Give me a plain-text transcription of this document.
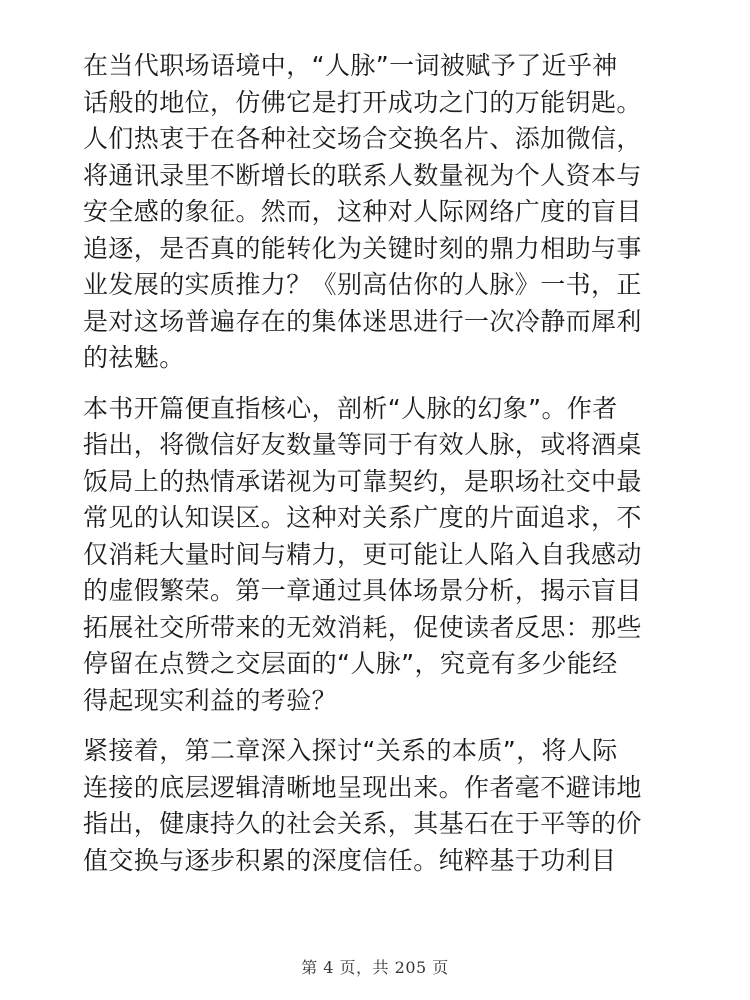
在当代职场语境中，“人脉”一词被赋予了近乎神
话般的地位，仿佛它是打开成功之门的万能钥匙。
人们热衷于在各种社交场合交换名片、添加微信，
将通讯录里不断增长的联系人数量视为个人资本与
安全感的象征。然而，这种对人际网络广度的盲目
追逐，是否真的能转化为关键时刻的鼎力相助与事
业发展的实质推力？《别高估你的人脉》一书，正
是对这场普遍存在的集体迷思进行一次冷静而犀利
的祛魅。

本书开篇便直指核心，剖析“人脉的幻象”。作者
指出，将微信好友数量等同于有效人脉，或将酒桌
饭局上的热情承诺视为可靠契约，是职场社交中最
常见的认知误区。这种对关系广度的片面追求，不
仅消耗大量时间与精力，更可能让人陷入自我感动
的虚假繁荣。第一章通过具体场景分析，揭示盲目
拓展社交所带来的无效消耗，促使读者反思：那些
停留在点赞之交层面的“人脉”，究竟有多少能经
得起现实利益的考验？

紧接着，第二章深入探讨“关系的本质”，将人际
连接的底层逻辑清晰地呈现出来。作者毫不避讳地
指出，健康持久的社会关系，其基石在于平等的价
值交换与逐步积累的深度信任。纯粹基于功利目

第 4 页，共 205 页
